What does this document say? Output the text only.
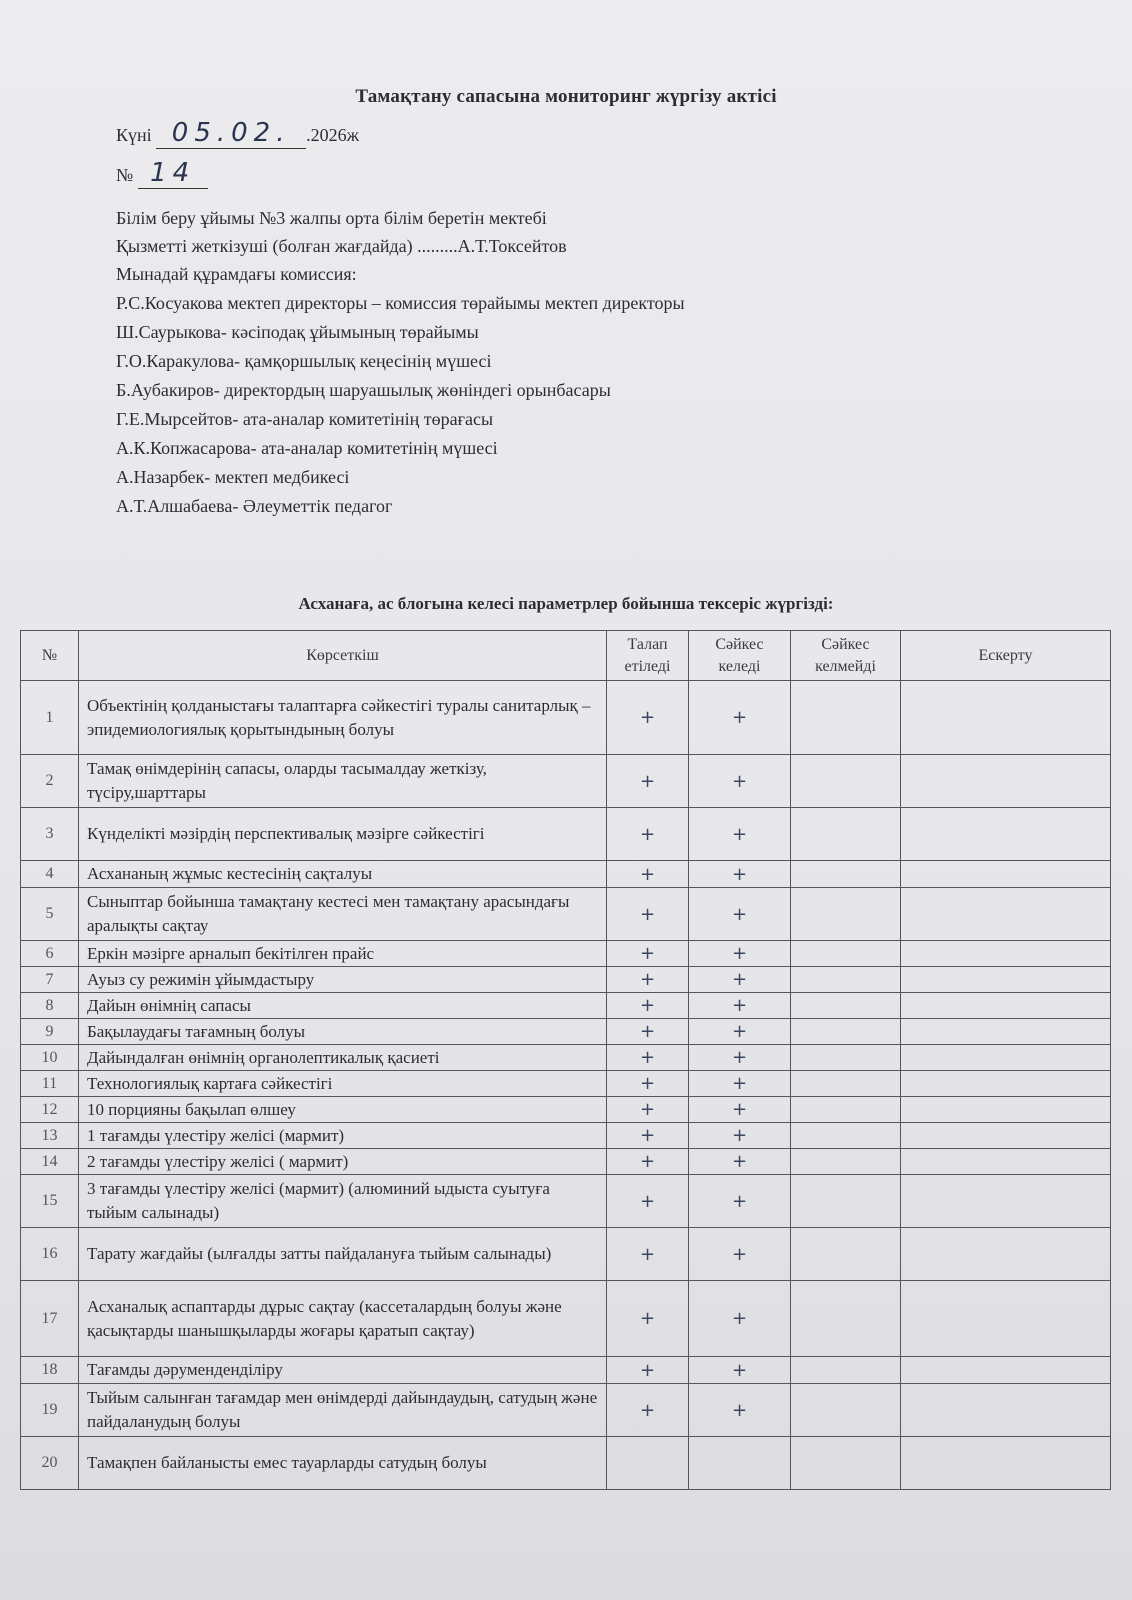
Тамақтану сапасына мониторинг жүргізу актісі
Күні 05.02. .2026ж
№ 14
Білім беру ұйымы №3 жалпы орта білім беретін мектебі
Қызметті жеткізуші (болған жағдайда) .........А.Т.Токсейтов
Мынадай құрамдағы комиссия:
Р.С.Косуакова мектеп директоры – комиссия төрайымы мектеп директоры
Ш.Саурыкова- кәсіподақ ұйымының төрайымы
Г.О.Каракулова- қамқоршылық кеңесінің мүшесі
Б.Аубакиров- директордың шаруашылық жөніндегі орынбасары
Г.Е.Мырсейтов- ата-аналар комитетінің төрағасы
А.К.Копжасарова- ата-аналар комитетінің мүшесі
А.Назарбек- мектеп медбикесі
А.Т.Алшабаева- Әлеуметтік педагог
Асханаға, ас блогына келесі параметрлер бойынша тексеріс жүргізді:
№	Көрсеткіш	Талап етіледі	Сәйкес келеді	Сәйкес келмейді	Ескерту
1	Объектінің қолданыстағы талаптарға сәйкестігі туралы санитарлық – эпидемиологиялық қорытындының болуы	+	+		
2	Тамақ өнімдерінің сапасы, оларды тасымалдау жеткізу, түсіру,шарттары	+	+		
3	Күнделікті мәзірдің перспективалық мәзірге сәйкестігі	+	+		
4	Асхананың жұмыс кестесінің сақталуы	+	+		
5	Сыныптар бойынша тамақтану кестесі мен тамақтану арасындағы аралықты сақтау	+	+		
6	Еркін мәзірге арналып бекітілген прайс	+	+		
7	Ауыз су режимін ұйымдастыру	+	+		
8	Дайын өнімнің сапасы	+	+		
9	Бақылаудағы тағамның болуы	+	+		
10	Дайындалған өнімнің органолептикалық қасиеті	+	+		
11	Технологиялық картаға сәйкестігі	+	+		
12	10 порцияны бақылап өлшеу	+	+		
13	1 тағамды үлестіру желісі (мармит)	+	+		
14	2 тағамды үлестіру желісі ( мармит)	+	+		
15	3 тағамды үлестіру желісі (мармит) (алюминий ыдыста суытуға тыйым салынады)	+	+		
16	Тарату жағдайы (ылғалды затты пайдалануға тыйым салынады)	+	+		
17	Асханалық аспаптарды дұрыс сақтау (кассеталардың болуы және қасықтарды шанышқыларды жоғары қаратып сақтау)	+	+		
18	Тағамды дәруменденділіру	+	+		
19	Тыйым салынған тағамдар мен өнімдерді дайындаудың, сатудың және пайдаланудың болуы	+	+		
20	Тамақпен байланысты емес тауарларды сатудың болуы				
